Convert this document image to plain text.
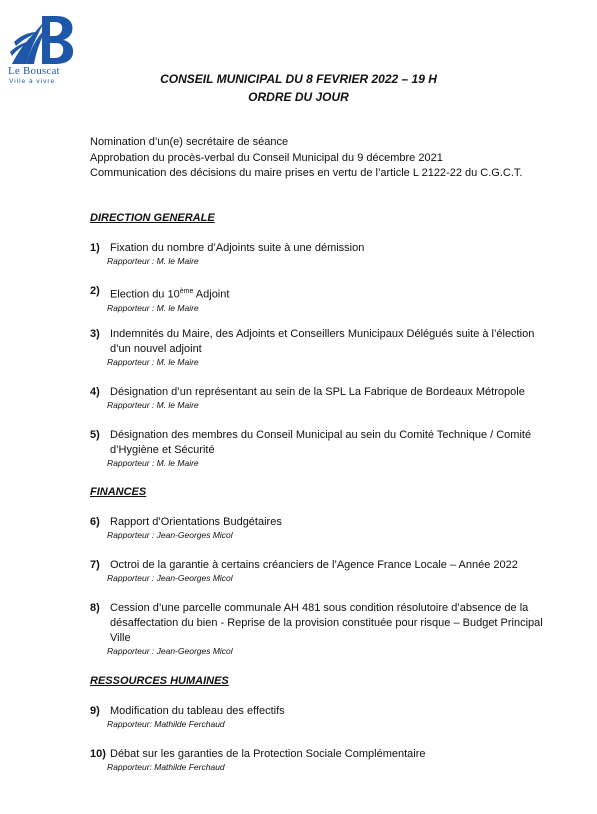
Le Bouscat
Ville à vivre	CONSEIL MUNICIPAL DU 8 FEVRIER 2022 – 19 H
ORDRE DU JOUR
Nomination d’un(e) secrétaire de séance
Approbation du procès-verbal du Conseil Municipal du 9 décembre 2021
Communication des décisions du maire prises en vertu de l’article L 2122-22 du C.G.C.T.
DIRECTION GENERALE
1) Fixation du nombre d’Adjoints suite à une démission
Rapporteur : M. le Maire
2) Election du 10ème Adjoint
Rapporteur : M. le Maire
3) Indemnités du Maire, des Adjoints et Conseillers Municipaux Délégués suite à l’élection
d’un nouvel adjoint
Rapporteur : M. le Maire
4) Désignation d’un représentant au sein de la SPL La Fabrique de Bordeaux Métropole
Rapporteur : M. le Maire
5) Désignation des membres du Conseil Municipal au sein du Comité Technique / Comité
d’Hygiène et Sécurité
Rapporteur : M. le Maire
FINANCES
6) Rapport d’Orientations Budgétaires
Rapporteur : Jean-Georges Micol
7) Octroi de la garantie à certains créanciers de l’Agence France Locale – Année 2022
Rapporteur : Jean-Georges Micol
8) Cession d’une parcelle communale AH 481 sous condition résolutoire d’absence de la
désaffectation du bien - Reprise de la provision constituée pour risque – Budget Principal
Ville
Rapporteur : Jean-Georges Micol
RESSOURCES HUMAINES
9) Modification du tableau des effectifs
Rapporteur: Mathilde Ferchaud
10) Débat sur les garanties de la Protection Sociale Complémentaire
Rapporteur: Mathilde Ferchaud
